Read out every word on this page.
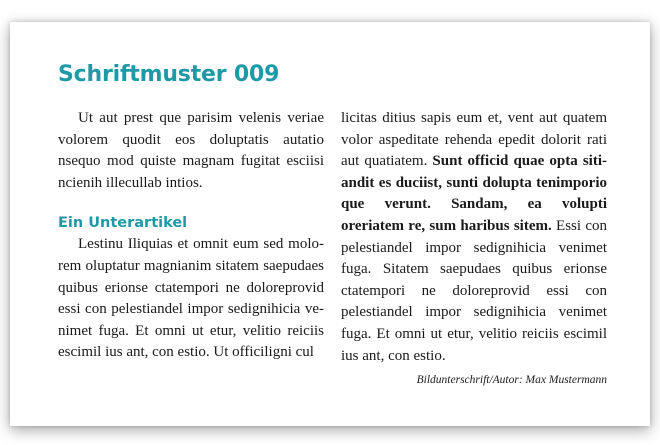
Schriftmuster 009

Ut aut prest que parisim velenis veriae volorem quodit eos doluptatis autatio nsequo mod quiste magnam fugitat esciisi ncienih illecullab intios.

Ein Unterartikel

Lestinu Iliquias et omnit eum sed molorem oluptatur magnianim sitatem saepudaes quibus erionse ctatempori ne doloreprovid essi con pelestiandel impor sedignihicia venimet fuga. Et omni ut etur, velitio reiciis escimil ius ant, con estio. Ut officiligni cul

licitas ditius sapis eum et, vent aut quatem volor aspeditate rehenda epedit dolorit rati aut quatiatem. Sunt officid quae opta sitiandit es duciist, sunti dolupta tenimporio que verunt. Sandam, ea volupti oreriatem re, sum haribus sitem. Essi con pelestiandel impor sedignihicia venimet fuga. Sitatem saepudaes quibus erionse ctatempori ne doloreprovid essi con pelestiandel impor sedignihicia venimet fuga. Et omni ut etur, velitio reiciis escimil ius ant, con estio.

Bildunterschrift/Autor: Max Mustermann
